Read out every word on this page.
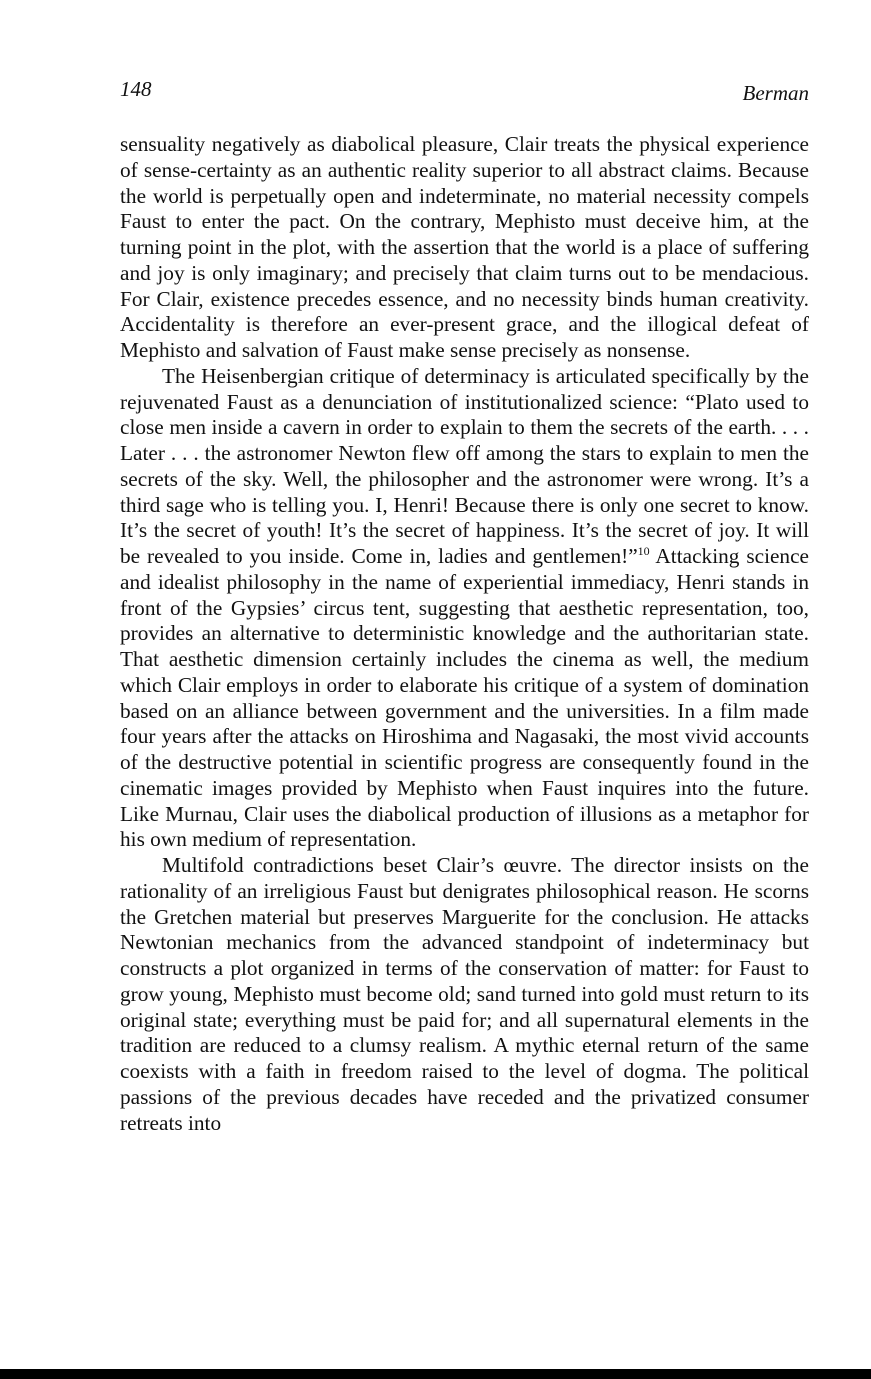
148	Berman

sensuality negatively as diabolical pleasure, Clair treats the physical experience of sense-certainty as an authentic reality superior to all abstract claims. Because the world is perpetually open and indeterminate, no material necessity compels Faust to enter the pact. On the contrary, Mephisto must deceive him, at the turning point in the plot, with the assertion that the world is a place of suffering and joy is only imaginary; and precisely that claim turns out to be mendacious. For Clair, existence precedes essence, and no necessity binds human creativity. Accidentality is therefore an ever-present grace, and the illogical defeat of Mephisto and salvation of Faust make sense precisely as nonsense.

The Heisenbergian critique of determinacy is articulated specifically by the rejuvenated Faust as a denunciation of institutionalized science: “Plato used to close men inside a cavern in order to explain to them the secrets of the earth. . . . Later . . . the astronomer Newton flew off among the stars to explain to men the secrets of the sky. Well, the philosopher and the astronomer were wrong. It’s a third sage who is telling you. I, Henri! Because there is only one secret to know. It’s the secret of youth! It’s the secret of happiness. It’s the secret of joy. It will be revealed to you inside. Come in, ladies and gentlemen!”$^{10}$ Attacking science and idealist philosophy in the name of experiential immediacy, Henri stands in front of the Gypsies’ circus tent, suggesting that aesthetic representation, too, provides an alternative to deterministic knowledge and the authoritarian state. That aesthetic dimension certainly includes the cinema as well, the medium which Clair employs in order to elaborate his critique of a system of domination based on an alliance between government and the universities. In a film made four years after the attacks on Hiroshima and Nagasaki, the most vivid accounts of the destructive potential in scientific progress are consequently found in the cinematic images provided by Mephisto when Faust inquires into the future. Like Murnau, Clair uses the diabolical production of illusions as a metaphor for his own medium of representation.

Multifold contradictions beset Clair’s œuvre. The director insists on the rationality of an irreligious Faust but denigrates philosophical reason. He scorns the Gretchen material but preserves Marguerite for the conclusion. He attacks Newtonian mechanics from the advanced standpoint of indeterminacy but constructs a plot organized in terms of the conservation of matter: for Faust to grow young, Mephisto must become old; sand turned into gold must return to its original state; everything must be paid for; and all supernatural elements in the tradition are reduced to a clumsy realism. A mythic eternal return of the same coexists with a faith in freedom raised to the level of dogma. The political passions of the previous decades have receded and the privatized consumer retreats into
